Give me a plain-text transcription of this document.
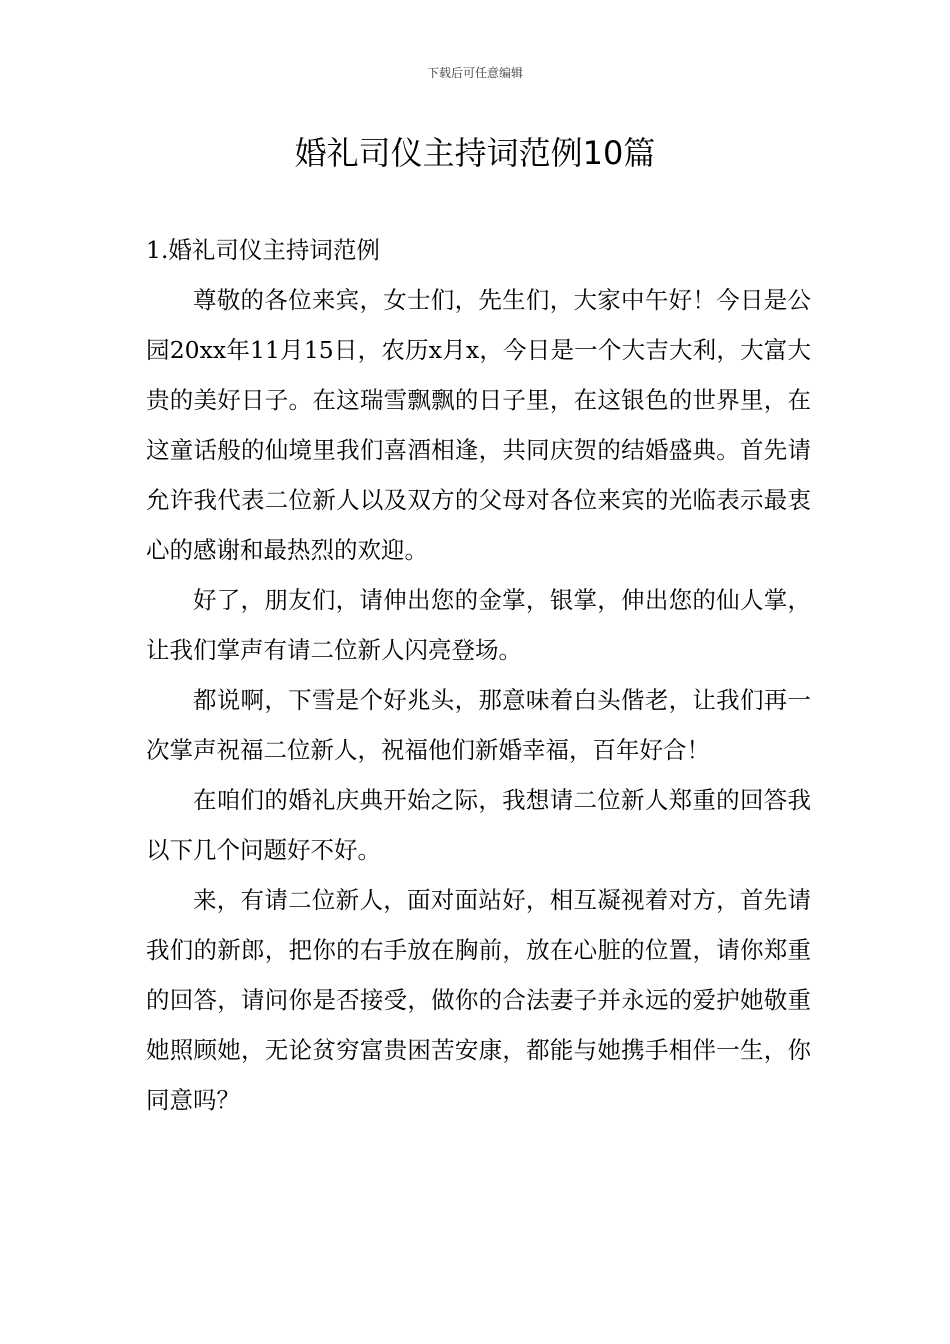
下载后可任意编辑
婚礼司仪主持词范例10篇

1.婚礼司仪主持词范例

尊敬的各位来宾，女士们，先生们，大家中午好！今日是公园20xx年11月15日，农历x月x，今日是一个大吉大利，大富大贵的美好日子。在这瑞雪飘飘的日子里，在这银色的世界里，在这童话般的仙境里我们喜酒相逢，共同庆贺的结婚盛典。首先请允许我代表二位新人以及双方的父母对各位来宾的光临表示最衷心的感谢和最热烈的欢迎。

好了，朋友们，请伸出您的金掌，银掌，伸出您的仙人掌，让我们掌声有请二位新人闪亮登场。

都说啊，下雪是个好兆头，那意味着白头偕老，让我们再一次掌声祝福二位新人，祝福他们新婚幸福，百年好合！

在咱们的婚礼庆典开始之际，我想请二位新人郑重的回答我以下几个问题好不好。

来，有请二位新人，面对面站好，相互凝视着对方，首先请我们的新郎，把你的右手放在胸前，放在心脏的位置，请你郑重的回答，请问你是否接受，做你的合法妻子并永远的爱护她敬重她照顾她，无论贫穷富贵困苦安康，都能与她携手相伴一生，你同意吗？
